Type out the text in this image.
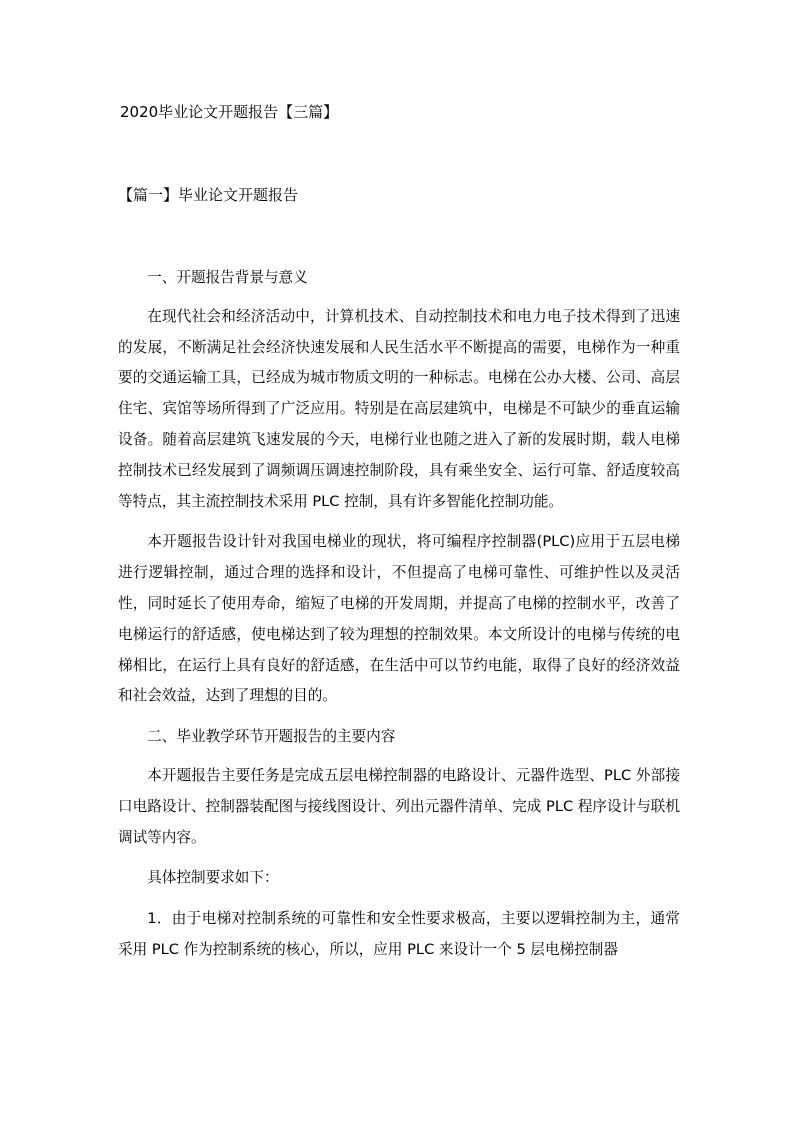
2020毕业论文开题报告【三篇】
【篇一】毕业论文开题报告

一、开题报告背景与意义

在现代社会和经济活动中，计算机技术、自动控制技术和电力电子技术得到了迅速的发展，不断满足社会经济快速发展和人民生活水平不断提高的需要，电梯作为一种重要的交通运输工具，已经成为城市物质文明的一种标志。电梯在公办大楼、公司、高层住宅、宾馆等场所得到了广泛应用。特别是在高层建筑中，电梯是不可缺少的垂直运输设备。随着高层建筑飞速发展的今天，电梯行业也随之进入了新的发展时期，载人电梯控制技术已经发展到了调频调压调速控制阶段，具有乘坐安全、运行可靠、舒适度较高等特点，其主流控制技术采用 PLC 控制，具有许多智能化控制功能。

本开题报告设计针对我国电梯业的现状，将可编程序控制器(PLC)应用于五层电梯进行逻辑控制，通过合理的选择和设计，不但提高了电梯可靠性、可维护性以及灵活性，同时延长了使用寿命，缩短了电梯的开发周期，并提高了电梯的控制水平，改善了电梯运行的舒适感，使电梯达到了较为理想的控制效果。本文所设计的电梯与传统的电梯相比，在运行上具有良好的舒适感，在生活中可以节约电能，取得了良好的经济效益和社会效益，达到了理想的目的。

二、毕业教学环节开题报告的主要内容

本开题报告主要任务是完成五层电梯控制器的电路设计、元器件选型、PLC 外部接口电路设计、控制器装配图与接线图设计、列出元器件清单、完成 PLC 程序设计与联机调试等内容。

具体控制要求如下：

1．由于电梯对控制系统的可靠性和安全性要求极高，主要以逻辑控制为主，通常采用 PLC 作为控制系统的核心，所以，应用 PLC 来设计一个 5 层电梯控制器
